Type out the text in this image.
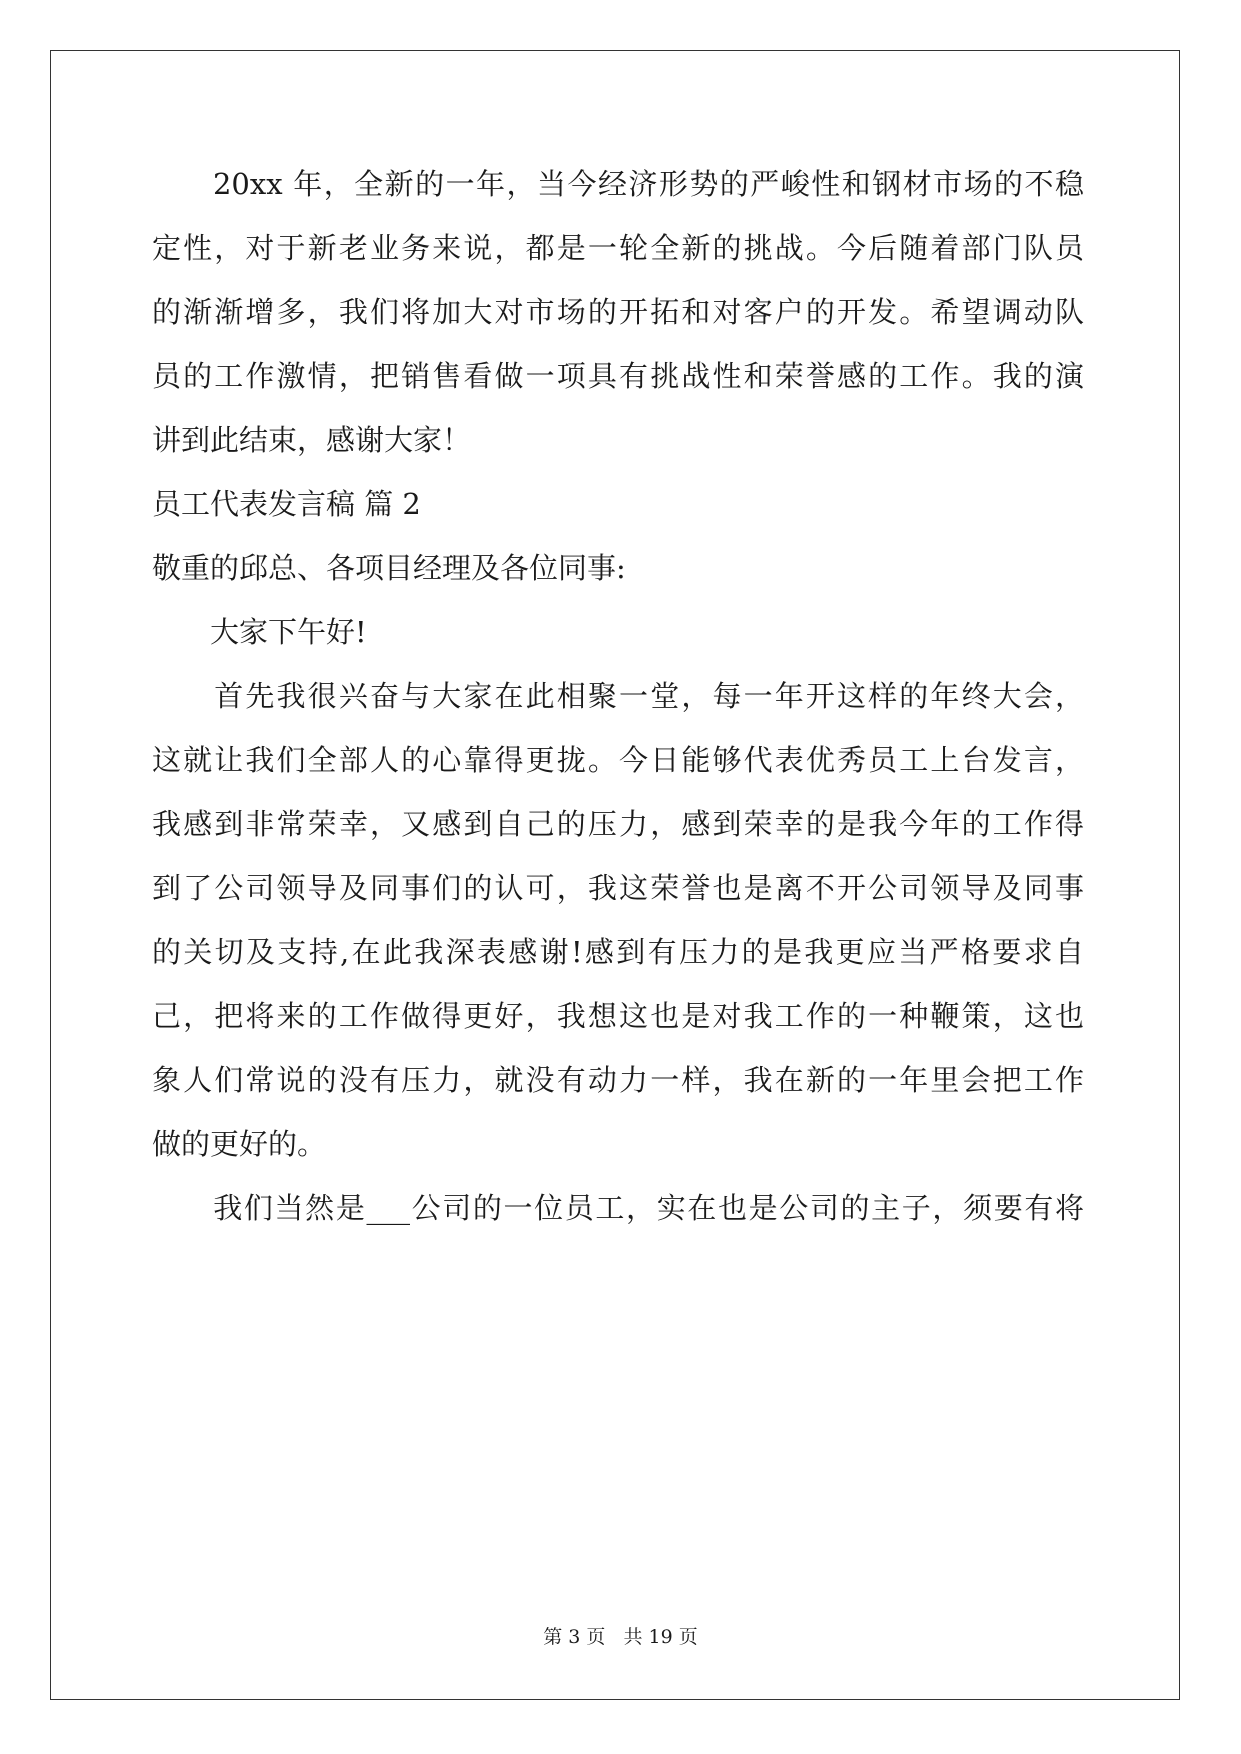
　　20xx 年，全新的一年，当今经济形势的严峻性和钢材市场的不稳
定性，对于新老业务来说，都是一轮全新的挑战。今后随着部门队员
的渐渐增多，我们将加大对市场的开拓和对客户的开发。希望调动队
员的工作激情，把销售看做一项具有挑战性和荣誉感的工作。我的演
讲到此结束，感谢大家！
员工代表发言稿 篇 2
敬重的邱总、各项目经理及各位同事:
　　大家下午好!
　　首先我很兴奋与大家在此相聚一堂，每一年开这样的年终大会，
这就让我们全部人的心靠得更拢。今日能够代表优秀员工上台发言，
我感到非常荣幸，又感到自己的压力，感到荣幸的是我今年的工作得
到了公司领导及同事们的认可，我这荣誉也是离不开公司领导及同事
的关切及支持,在此我深表感谢!感到有压力的是我更应当严格要求自
己，把将来的工作做得更好，我想这也是对我工作的一种鞭策，这也
象人们常说的没有压力，就没有动力一样，我在新的一年里会把工作
做的更好的。
　　我们当然是___公司的一位员工，实在也是公司的主子，须要有将
第 3 页 共 19 页
